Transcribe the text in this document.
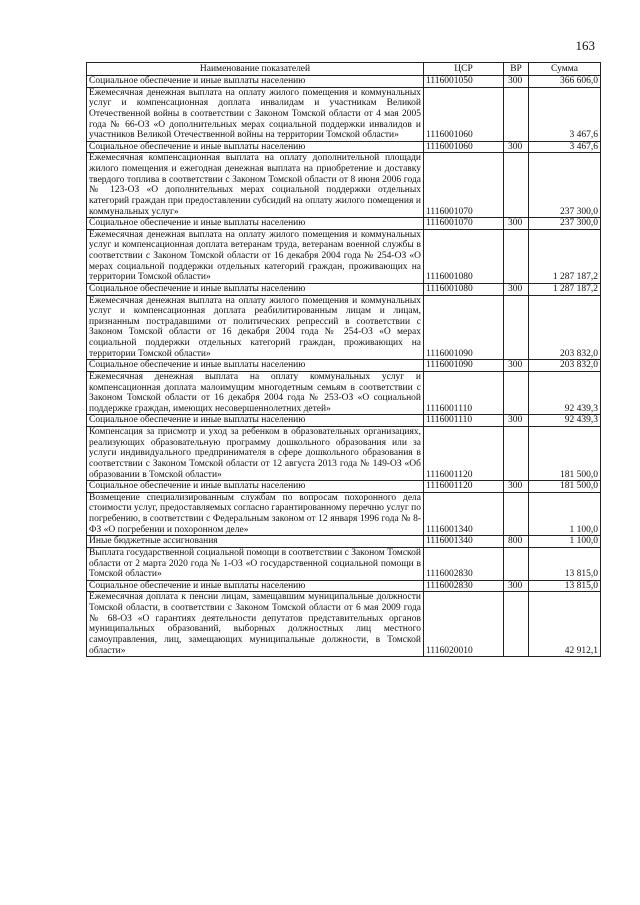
163
Наименование показателей	ЦСР	ВР	Сумма
Социальное обеспечение и иные выплаты населению	1116001050	300	366 606,0
Ежемесячная денежная выплата на оплату жилого помещения и коммунальных услуг и компенсационная доплата инвалидам и участникам Великой Отечественной войны в соответствии с Законом Томской области от 4 мая 2005 года № 66-ОЗ «О дополнительных мерах социальной поддержки инвалидов и участников Великой Отечественной войны на территории Томской области»	1116001060		3 467,6
Социальное обеспечение и иные выплаты населению	1116001060	300	3 467,6
Ежемесячная компенсационная выплата на оплату дополнительной площади жилого помещения и ежегодная денежная выплата на приобретение и доставку твердого топлива в соответствии с Законом Томской области от 8 июня 2006 года № 123-ОЗ «О дополнительных мерах социальной поддержки отдельных категорий граждан при предоставлении субсидий на оплату жилого помещения и коммунальных услуг»	1116001070		237 300,0
Социальное обеспечение и иные выплаты населению	1116001070	300	237 300,0
Ежемесячная денежная выплата на оплату жилого помещения и коммунальных услуг и компенсационная доплата ветеранам труда, ветеранам военной службы в соответствии с Законом Томской области от 16 декабря 2004 года № 254-ОЗ «О мерах социальной поддержки отдельных категорий граждан, проживающих на территории Томской области»	1116001080		1 287 187,2
Социальное обеспечение и иные выплаты населению	1116001080	300	1 287 187,2
Ежемесячная денежная выплата на оплату жилого помещения и коммунальных услуг и компенсационная доплата реабилитированным лицам и лицам, признанным пострадавшими от политических репрессий в соответствии с Законом Томской области от 16 декабря 2004 года № 254-ОЗ «О мерах социальной поддержки отдельных категорий граждан, проживающих на территории Томской области»	1116001090		203 832,0
Социальное обеспечение и иные выплаты населению	1116001090	300	203 832,0
Ежемесячная денежная выплата на оплату коммунальных услуг и компенсационная доплата малоимущим многодетным семьям в соответствии с Законом Томской области от 16 декабря 2004 года № 253-ОЗ «О социальной поддержке граждан, имеющих несовершеннолетних детей»	1116001110		92 439,3
Социальное обеспечение и иные выплаты населению	1116001110	300	92 439,3
Компенсация за присмотр и уход за ребенком в образовательных организациях, реализующих образовательную программу дошкольного образования или за услуги индивидуального предпринимателя в сфере дошкольного образования в соответствии с Законом Томской области от 12 августа 2013 года № 149-ОЗ «Об образовании в Томской области»	1116001120		181 500,0
Социальное обеспечение и иные выплаты населению	1116001120	300	181 500,0
Возмещение специализированным службам по вопросам похоронного дела стоимости услуг, предоставляемых согласно гарантированному перечню услуг по погребению, в соответствии с Федеральным законом от 12 января 1996 года № 8-ФЗ «О погребении и похоронном деле»	1116001340		1 100,0
Иные бюджетные ассигнования	1116001340	800	1 100,0
Выплата государственной социальной помощи в соответствии с Законом Томской области от 2 марта 2020 года № 1-ОЗ «О государственной социальной помощи в Томской области»	1116002830		13 815,0
Социальное обеспечение и иные выплаты населению	1116002830	300	13 815,0
Ежемесячная доплата к пенсии лицам, замещавшим муниципальные должности Томской области, в соответствии с Законом Томской области от 6 мая 2009 года № 68-ОЗ «О гарантиях деятельности депутатов представительных органов муниципальных образований, выборных должностных лиц местного самоуправления, лиц, замещающих муниципальные должности, в Томской области»	1116020010		42 912,1
